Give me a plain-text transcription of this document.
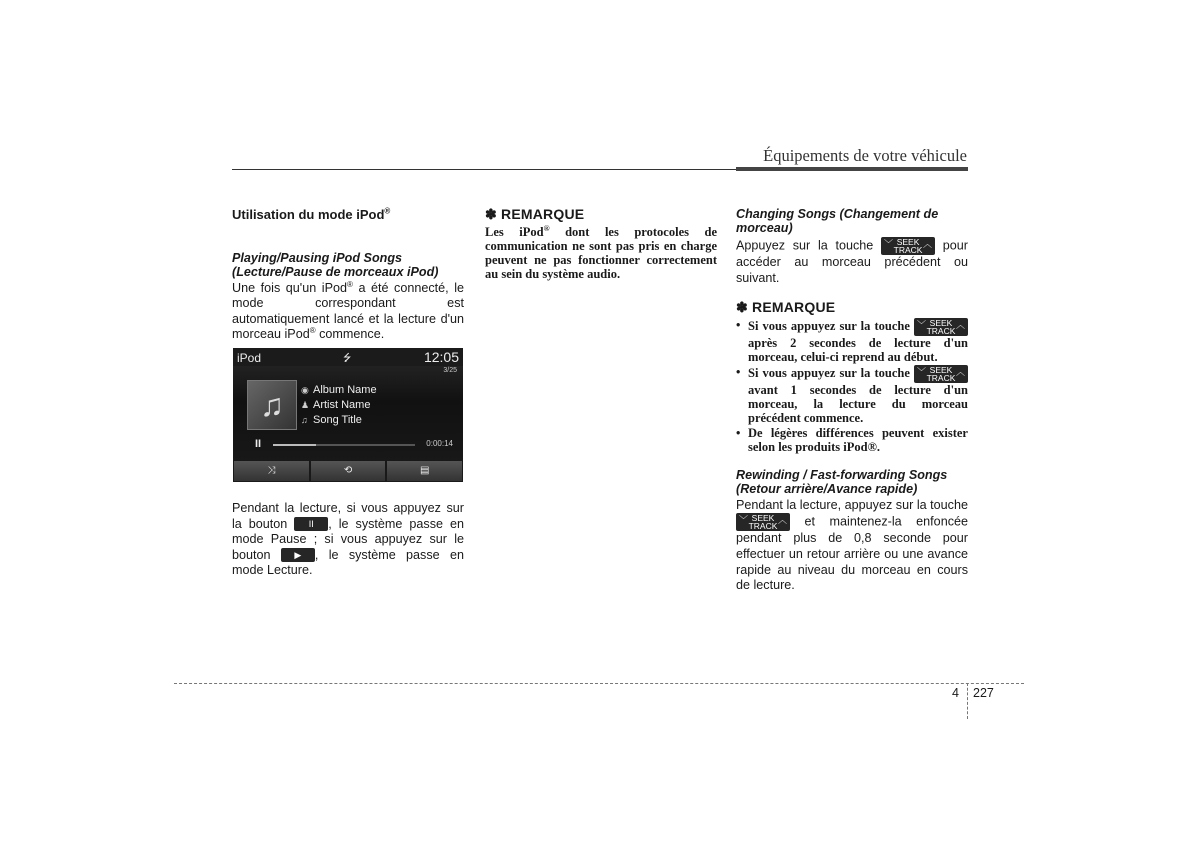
Équipements de votre véhicule
Utilisation du mode iPod®
Playing/Pausing iPod Songs (Lecture/Pause de morceaux iPod)

Une fois qu'un iPod® a été connecté, le mode correspondant est automatiquement lancé et la lecture d'un morceau iPod® commence.

iPod	⭍	12:05
3/25
♫	◉ Album Name
♟ Artist Name
♫ Song Title
II	0:00:14
⤨	⟲	▤

Pendant la lecture, si vous appuyez sur la bouton II , le système passe en mode Pause ; si vous appuyez sur le bouton ▶ , le système passe en mode Lecture.

✽ REMARQUE

Les iPod® dont les protocoles de communication ne sont pas pris en charge peuvent ne pas fonctionner correctement au sein du système audio.

Changing Songs (Changement de morceau)

Appuyez sur la touche ﹀ SEEK
TRACK
︿ pour accéder au morceau précédent ou suivant.

✽ REMARQUE
• Si vous appuyez sur la touche ﹀ SEEK
TRACK
︿
après 2 secondes de lecture d'un morceau, celui-ci reprend au début.
• Si vous appuyez sur la touche ﹀ SEEK
TRACK
︿
avant 1 secondes de lecture d'un morceau, la lecture du morceau précédent commence.
• De légères différences peuvent exister selon les produits iPod®.
Rewinding / Fast-forwarding Songs (Retour arrière/Avance rapide)

Pendant la lecture, appuyez sur la touche
﹀ SEEK
TRACK
︿ et maintenez-la enfoncée pendant plus de 0,8 seconde pour effectuer un retour arrière ou une avance rapide au niveau du morceau en cours de lecture.

4 227
